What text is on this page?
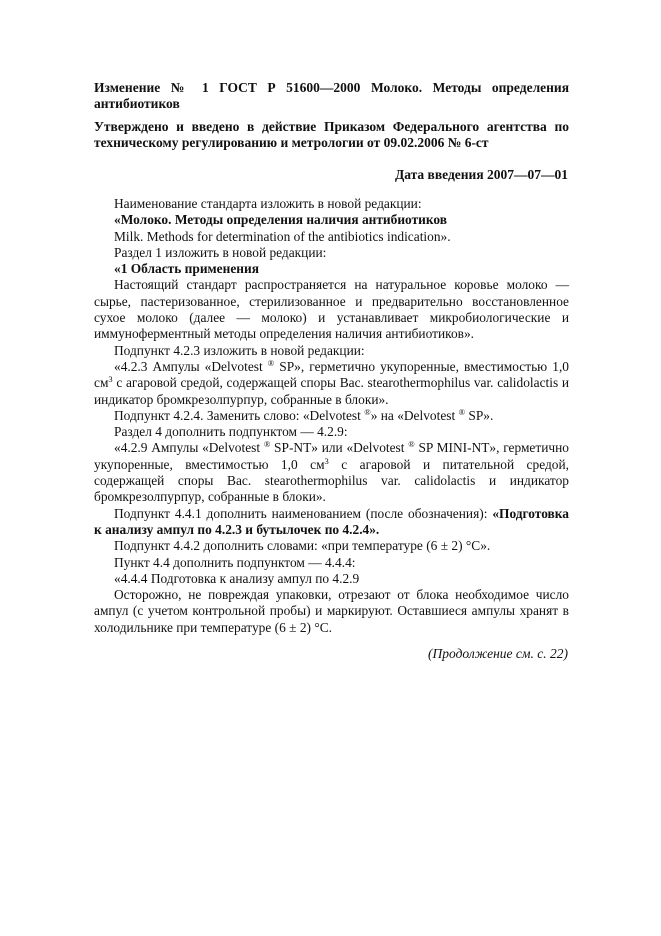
Изменение № 1 ГОСТ Р 51600—2000 Молоко. Методы определения антибиотиков
Утверждено и введено в действие Приказом Федерального агентства по техническому регулированию и метрологии от 09.02.2006 № 6-ст
Дата введения 2007—07—01

Наименование стандарта изложить в новой редакции:

«Молоко. Методы определения наличия антибиотиков

Milk. Methods for determination of the antibiotics indication».

Раздел 1 изложить в новой редакции:

«1 Область применения

Настоящий стандарт распространяется на натуральное коровье молоко — сырье, пастеризованное, стерилизованное и предварительно восстановленное сухое молоко (далее — молоко) и устанавливает микробиологические и иммуноферментный методы определения наличия антибиотиков».

Подпункт 4.2.3 изложить в новой редакции:

«4.2.3 Ампулы «Delvotest ® SP», герметично укупоренные, вместимостью 1,0 $см^3$ с агаровой средой, содержащей споры Bac. stearothermophilus var. calidolactis и индикатор бромкрезолпурпур, собранные в блоки».

Подпункт 4.2.4. Заменить слово: «Delvotest ®» на «Delvotest ® SP».

Раздел 4 дополнить подпунктом — 4.2.9:

«4.2.9 Ампулы «Delvotest ® SP-NT» или «Delvotest ® SP MINI-NT», герметично укупоренные, вместимостью 1,0 $см^3$ с агаровой и питательной средой, содержащей споры Bac. stearothermophilus var. calidolactis и индикатор бромкрезолпурпур, собранные в блоки».

Подпункт 4.4.1 дополнить наименованием (после обозначения): «Подготовка к анализу ампул по 4.2.3 и бутылочек по 4.2.4».

Подпункт 4.4.2 дополнить словами: «при температуре (6 ± 2) °С».

Пункт 4.4 дополнить подпунктом — 4.4.4:

«4.4.4 Подготовка к анализу ампул по 4.2.9

Осторожно, не повреждая упаковки, отрезают от блока необходимое число ампул (с учетом контрольной пробы) и маркируют. Оставшиеся ампулы хранят в холодильнике при температуре (6 ± 2) °С.

(Продолжение см. с. 22)
